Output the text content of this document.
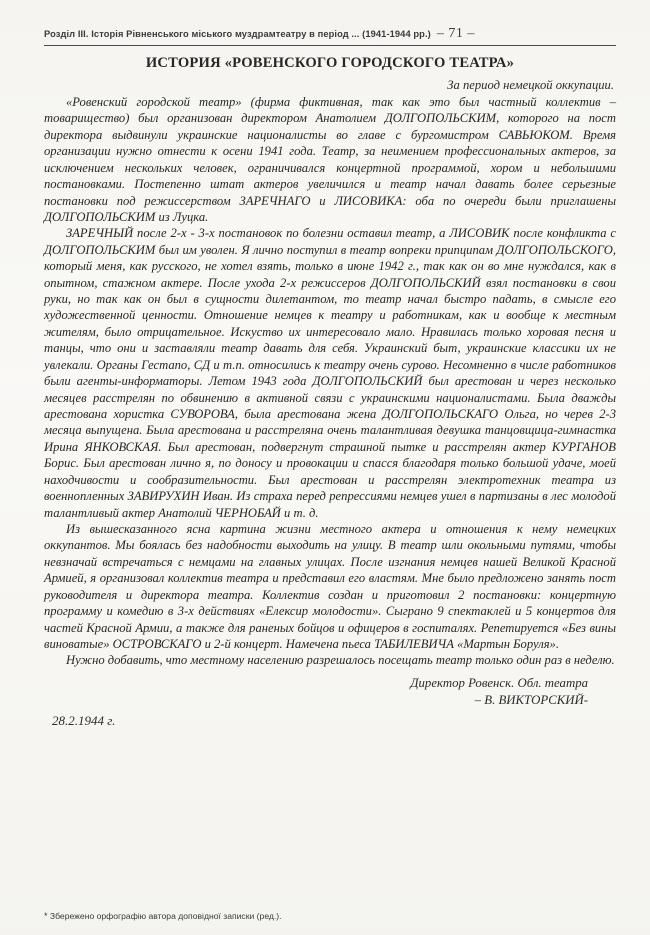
Розділ III. Історія Рівненського міського муздрамтеатру в період ... (1941-1944 рр.) – 71 –
ИСТОРИЯ «РОВЕНСКОГО ГОРОДСКОГО ТЕАТРА»
За период немецкой оккупации.

«Ровенский городской театр» (фирма фиктивная, так как это был частный коллектив – товарищество) был организован директором Анатолием ДОЛГОПОЛЬСКИМ, которого на пост директора выдвинули украинские националисты во главе с бургомистром САВЬЮКОМ. Время организации нужно отнести к осени 1941 года. Театр, за неимением профессиональных актеров, за исключением нескольких человек, ограничивался концертной программой, хором и небольшими постановками. Постепенно штат актеров увеличился и театр начал давать более серьезные постановки под режиссерством ЗАРЕЧНАГО и ЛИСОВИКА: оба по очереди были приглашены ДОЛГОПОЛЬСКИМ из Луцка.

ЗАРЕЧНЫЙ после 2-х - 3-х постановок по болезни оставил театр, а ЛИСОВИК после конфликта с ДОЛГОПОЛЬСКИМ был им уволен. Я лично поступил в театр вопреки припципам ДОЛГОПОЛЬСКОГО, который меня, как русского, не хотел взять, только в июне 1942 г., так как он во мне нуждался, как в опытном, стажном актере. После ухода 2-х режиссеров ДОЛГОПОЛЬСКИЙ взял постановки в свои руки, но так как он был в сущности дилетантом, то театр начал быстро падать, в смысле его художественной ценности. Отношение немцев к театру и работникам, как и вообще к местным жителям, было отрицательное. Искуство их интересовало мало. Нравилась только хоровая песня и танцы, что они и заставляли театр давать для себя. Украинский быт, украинские классики их не увлекали. Органы Гестапо, СД и т.п. относились к театру очень сурово. Несомненно в числе работников были агенты-информаторы. Летом 1943 года ДОЛГОПОЛЬСКИЙ был арестован и через несколько месяцев расстрелян по обвинению в активной связи с украинскими националистами. Была дважды арестована хористка СУВОРОВА, была арестована жена ДОЛГОПОЛЬСКАГО Ольга, но черев 2-3 месяца выпущена. Была арестована и расстреляна очень талантливая девушка танцовщица-гимнастка Ирина ЯНКОВСКАЯ. Был арестован, подвергнут страшной пытке и расстрелян актер КУРГАНОВ Борис. Был арестован лично я, по доносу и провокации и спасся благодаря только большой удаче, моей находчивости и сообразительности. Был арестован и расстрелян электротехник театра из военнопленных ЗАВИРУХИН Иван. Из страха перед репрессиями немцев ушел в партизаны в лес молодой талантливый актер Анатолий ЧЕРНОБАЙ и т. д.

Из вышесказанного ясна картина жизни местного актера и отношения к нему немецких оккупантов. Мы боялась без надобности выходить на улицу. В театр шли окольными путями, чтобы невзначай встречаться с немцами на главных улицах. После изгнания немцев нашей Великой Красной Армией, я организовал коллектив театра и представил его властям. Мне было предложено занять пост руководителя и директора театра. Коллектив создан и приготовил 2 постановки: концертную программу и комедию в 3-х действиях «Елексир молодости». Сыграно 9 спектаклей и 5 концертов для частей Красной Армии, а также для раненых бойцов и офицеров в госпиталях. Репетируется «Без вины виноватые» ОСТРОВСКАГО и 2-й концерт. Намечена пьеса ТАБИЛЕВИЧА «Мартын Боруля».

Нужно добавить, что местному населению разрешалось посещать театр только один раз в неделю.

Директор Ровенск. Обл. театра
– В. ВИКТОРСКИЙ-
28.2.1944 г.
* Збережено орфографію автора доповідної записки (ред.).
